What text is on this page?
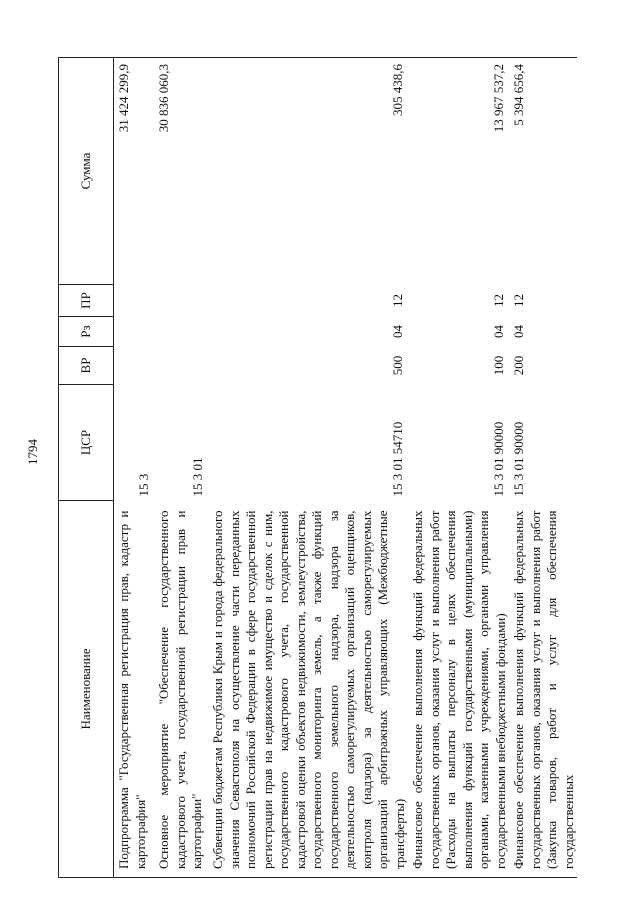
1794
Наименование	ЦСР	ВР	Рз	ПР	Сумма
Подпрограмма "Государственная регистрация прав, кадастр и картография"	15 3				31 424 299,9
Основное мероприятие "Обеспечение государственного кадастрового учета, государственной регистрации прав и картографии"	15 3 01				30 836 060,3
Субвенции бюджетам Республики Крым и города федерального значения Севастополя на осуществление части переданных полномочий Российской Федерации в сфере государственной регистрации прав на недвижимое имущество и сделок с ним, государственного кадастрового учета, государственной кадастровой оценки объектов недвижимости, землеустройства, государственного мониторинга земель, а также функций государственного земельного надзора, надзора за деятельностью саморегулируемых организаций оценщиков, контроля (надзора) за деятельностью саморегулируемых организаций арбитражных управляющих (Межбюджетные трансферты)	15 3 01 54710	500	04	12	305 438,6
Финансовое обеспечение выполнения функций федеральных государственных органов, оказания услуг и выполнения работ (Расходы на выплаты персоналу в целях обеспечения выполнения функций государственными (муниципальными) органами, казенными учреждениями, органами управления государственными внебюджетными фондами)	15 3 01 90000	100	04	12	13 967 537,2
Финансовое обеспечение выполнения функций федеральных государственных органов, оказания услуг и выполнения работ (Закупка товаров, работ и услуг для обеспечения государственных	15 3 01 90000	200	04	12	5 394 656,4
